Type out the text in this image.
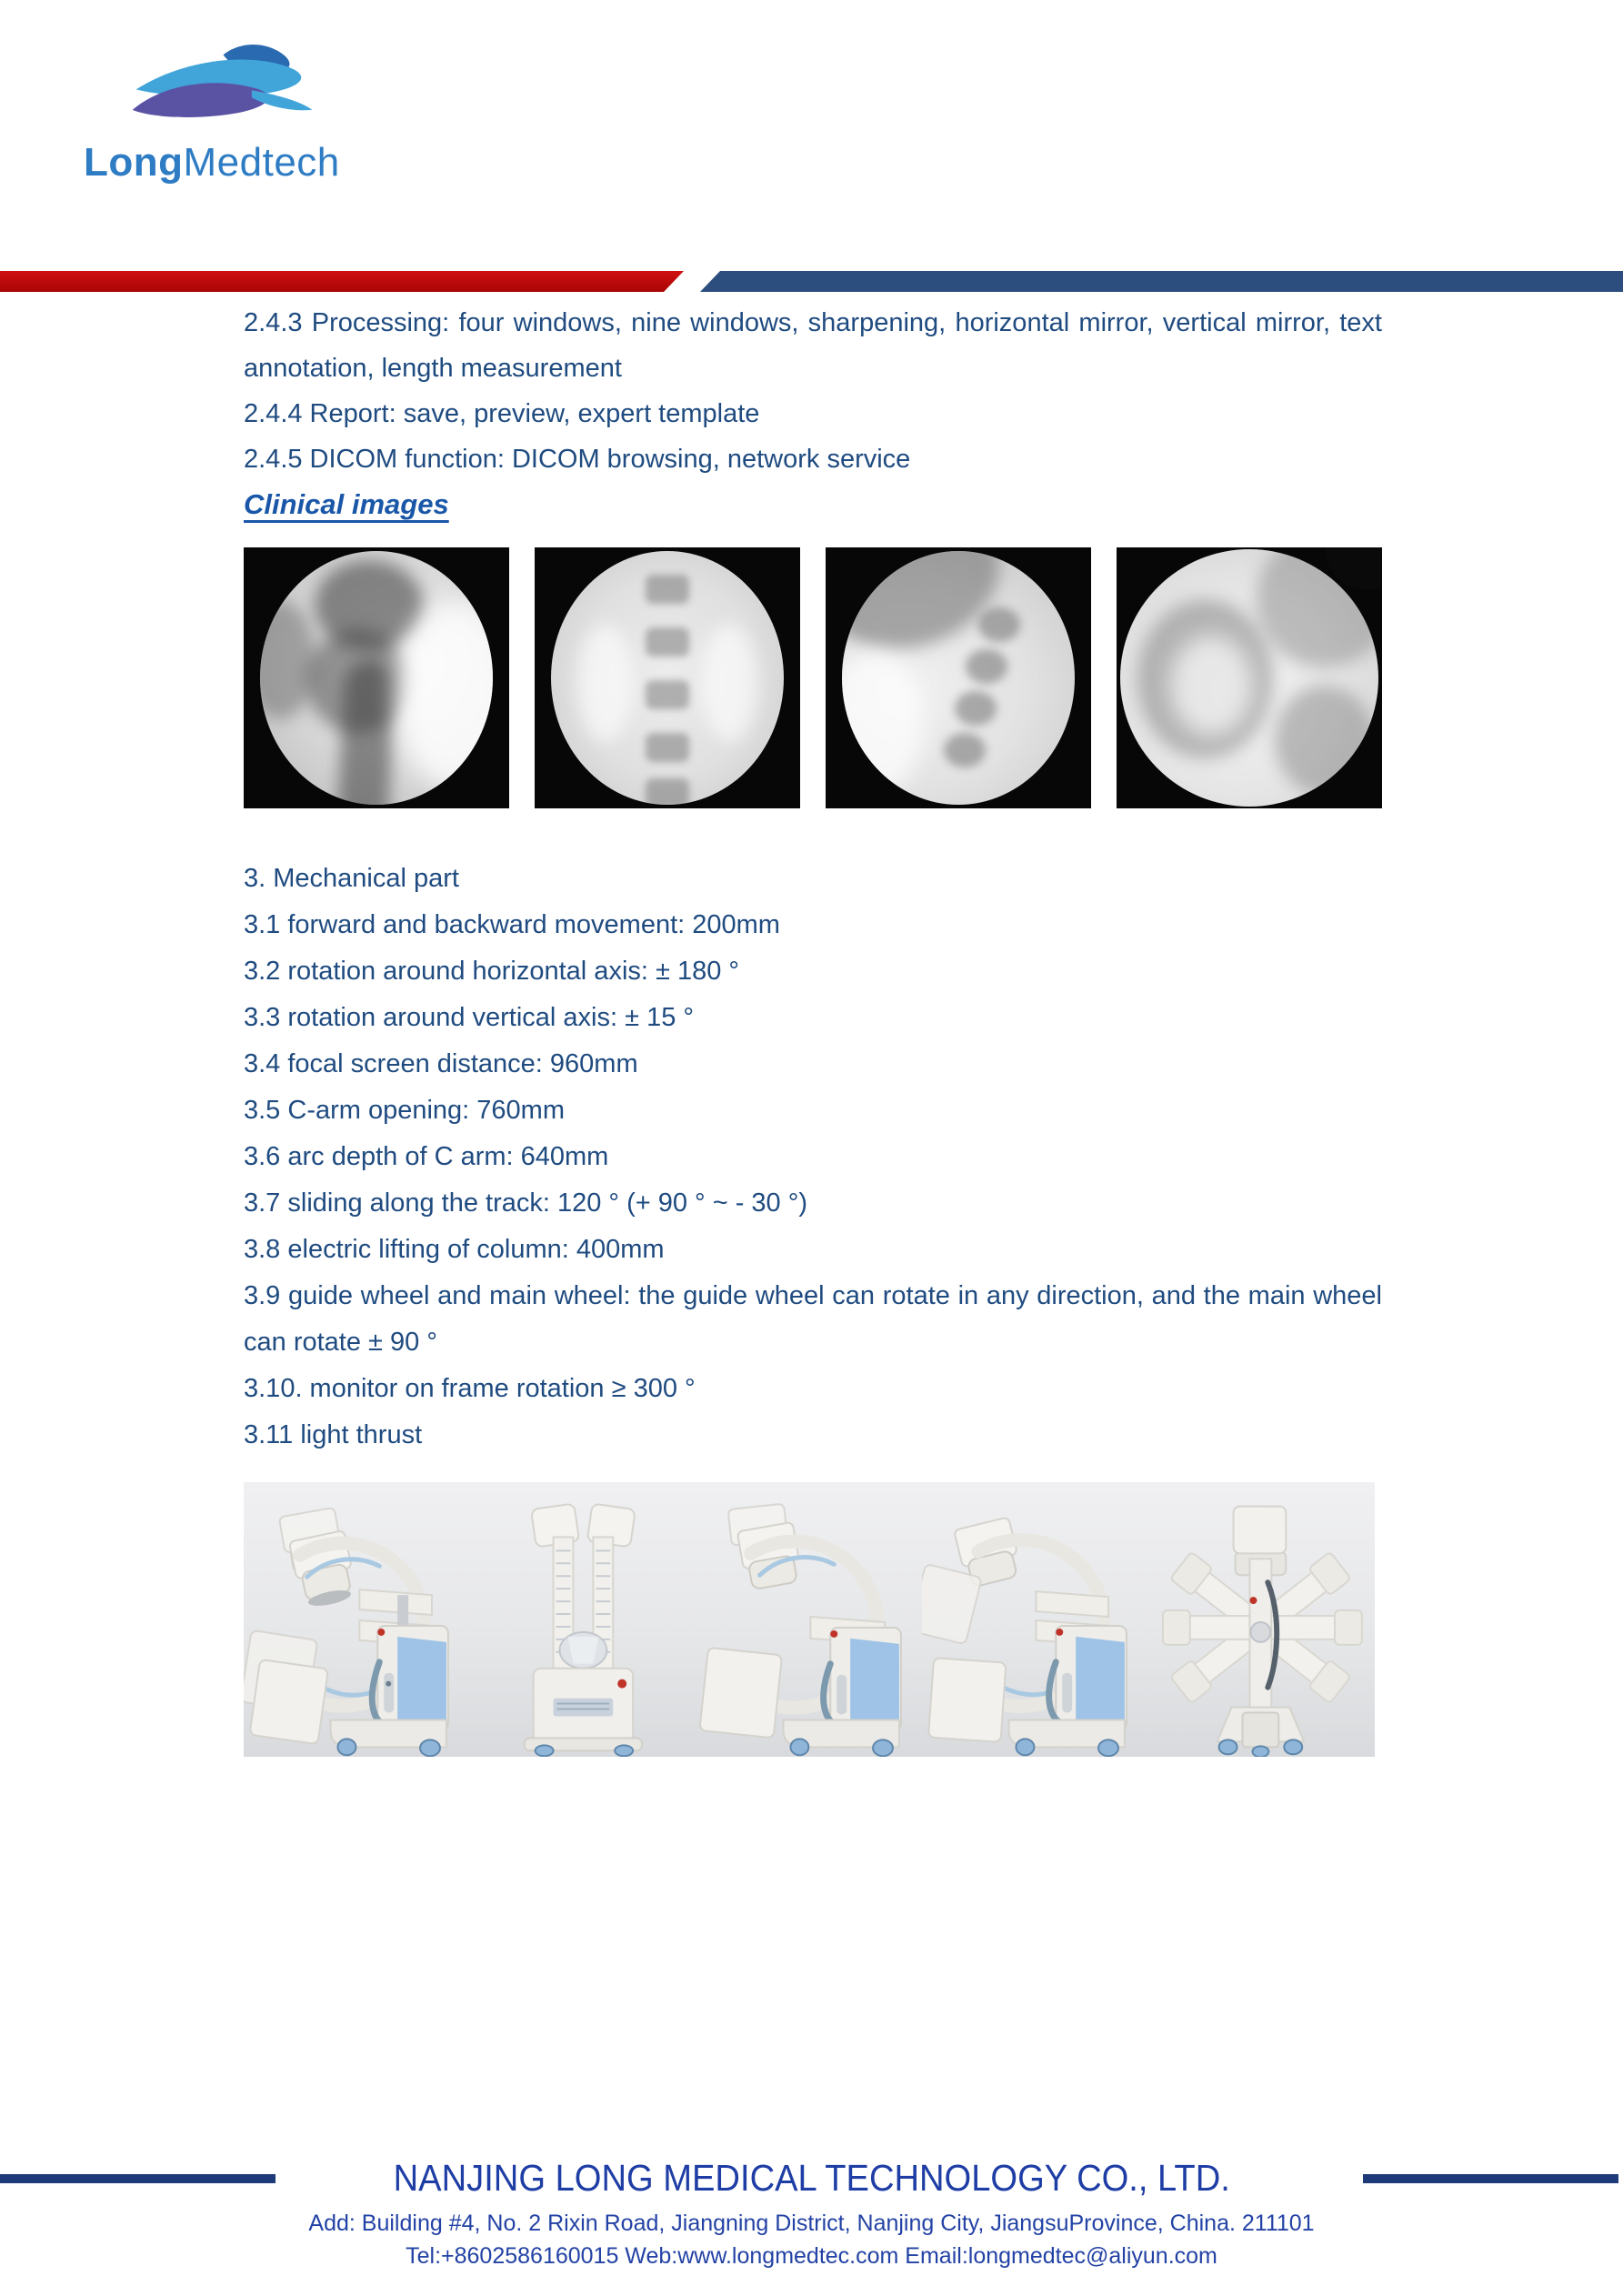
LongMedtech
2.4.3 Processing: four windows, nine windows, sharpening, horizontal mirror, vertical mirror, text annotation, length measurement
2.4.4 Report: save, preview, expert template
2.4.5 DICOM function: DICOM browsing, network service
Clinical images
3. Mechanical part
3.1 forward and backward movement: 200mm
3.2 rotation around horizontal axis: ± 180 °
3.3 rotation around vertical axis: ± 15 °
3.4 focal screen distance: 960mm
3.5 C-arm opening: 760mm
3.6 arc depth of C arm: 640mm
3.7 sliding along the track: 120 ° (+ 90 ° ~ - 30 °)
3.8 electric lifting of column: 400mm
3.9 guide wheel and main wheel: the guide wheel can rotate in any direction, and the main wheel can rotate ± 90 °
3.10. monitor on frame rotation ≥ 300 °
3.11 light thrust
NANJING LONG MEDICAL TECHNOLOGY CO., LTD.
Add: Building #4, No. 2 Rixin Road, Jiangning District, Nanjing City, JiangsuProvince, China. 211101
Tel:+8602586160015 Web:www.longmedtec.com Email:longmedtec@aliyun.com
